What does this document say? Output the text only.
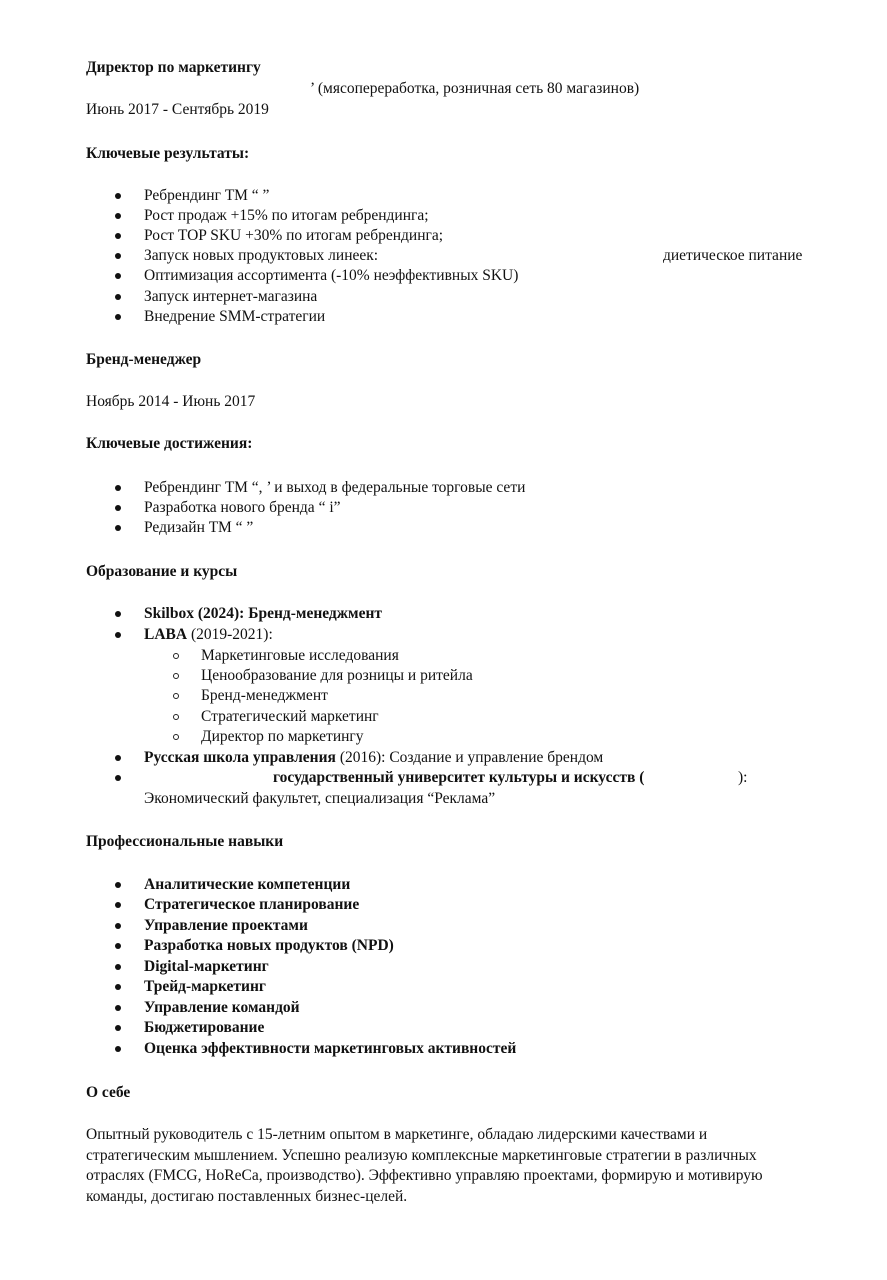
Директор по маркетингу
’ (мясопереработка, розничная сеть 80 магазинов)
Июнь 2017 - Сентябрь 2019
Ключевые результаты:
Ребрендинг ТМ “ ”
Рост продаж +15% по итогам ребрендинга;
Рост TOP SKU +30% по итогам ребрендинга;
Запуск новых продуктовых линеек:	диетическое питание
Оптимизация ассортимента (-10% неэффективных SKU)
Запуск интернет-магазина
Внедрение SMM-стратегии
Бренд-менеджер
Ноябрь 2014 - Июнь 2017
Ключевые достижения:
Ребрендинг ТМ “, ’ и выход в федеральные торговые сети
Разработка нового бренда “ i”
Редизайн ТМ “ ”
Образование и курсы
Skilbox (2024): Бренд-менеджмент
LABA (2019-2021):
Маркетинговые исследования
Ценообразование для розницы и ритейла
Бренд-менеджмент
Стратегический маркетинг
Директор по маркетингу
Русская школа управления (2016): Создание и управление брендом
государственный университет культуры и искусств (	):
Экономический факультет, специализация “Реклама”
Профессиональные навыки
Аналитические компетенции
Стратегическое планирование
Управление проектами
Разработка новых продуктов (NPD)
Digital-маркетинг
Трейд-маркетинг
Управление командой
Бюджетирование
Оценка эффективности маркетинговых активностей
О себе
Опытный руководитель с 15-летним опытом в маркетинге, обладаю лидерскими качествами и стратегическим мышлением. Успешно реализую комплексные маркетинговые стратегии в различных отраслях (FMCG, HoReCa, производство). Эффективно управляю проектами, формирую и мотивирую команды, достигаю поставленных бизнес-целей.
